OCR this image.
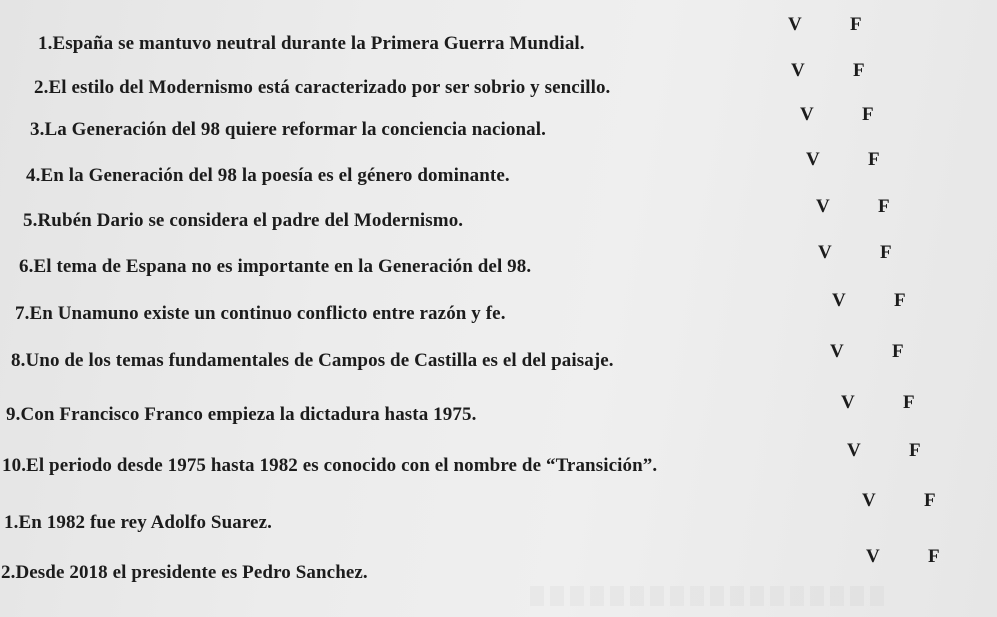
1.España se mantuvo neutral durante la Primera Guerra Mundial.
V	F
2.El estilo del Modernismo está caracterizado por ser sobrio y sencillo.
V	F
3.La Generación del 98 quiere reformar la conciencia nacional.
V	F
4.En la Generación del 98 la poesía es el género dominante.
V	F
5.Rubén Dario se considera el padre del Modernismo.
V	F
6.El tema de Espana no es importante en la Generación del 98.
V	F
7.En Unamuno existe un continuo conflicto entre razón y fe.
V	F
8.Uno de los temas fundamentales de Campos de Castilla es el del paisaje.	V	F
9.Con Francisco Franco empieza la dictadura hasta 1975.
V	F
10.El periodo desde 1975 hasta 1982 es conocido con el nombre de “Transición”.
V	F
1.En 1982 fue rey Adolfo Suarez.
V	F
2.Desde 2018 el presidente es Pedro Sanchez.
V	F
